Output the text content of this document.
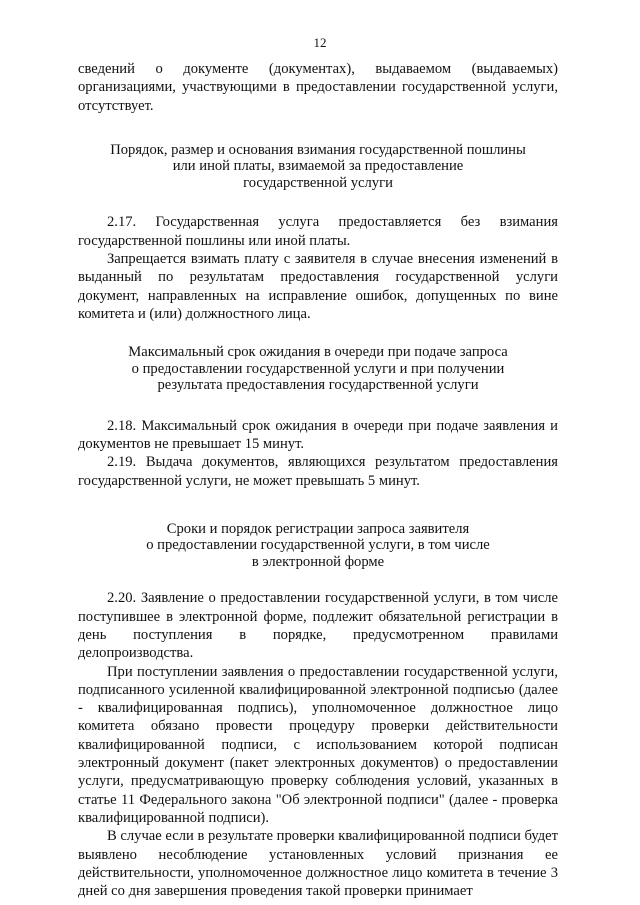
12

сведений о документе (документах), выдаваемом (выдаваемых) организациями, участвующими в предоставлении государственной услуги, отсутствует.

Порядок, размер и основания взимания государственной пошлины
или иной платы, взимаемой за предоставление
государственной услуги

2.17. Государственная услуга предоставляется без взимания государственной пошлины или иной платы.

Запрещается взимать плату с заявителя в случае внесения изменений в выданный по результатам предоставления государственной услуги документ, направленных на исправление ошибок, допущенных по вине комитета и (или) должностного лица.

Максимальный срок ожидания в очереди при подаче запроса
о предоставлении государственной услуги и при получении
результата предоставления государственной услуги

2.18. Максимальный срок ожидания в очереди при подаче заявления и документов не превышает 15 минут.

2.19. Выдача документов, являющихся результатом предоставления государственной услуги, не может превышать 5 минут.

Сроки и порядок регистрации запроса заявителя
о предоставлении государственной услуги, в том числе
в электронной форме

2.20. Заявление о предоставлении государственной услуги, в том числе поступившее в электронной форме, подлежит обязательной регистрации в день поступления в порядке, предусмотренном правилами делопроизводства.

При поступлении заявления о предоставлении государственной услуги, подписанного усиленной квалифицированной электронной подписью (далее - квалифицированная подпись), уполномоченное должностное лицо комитета обязано провести процедуру проверки действительности квалифицированной подписи, с использованием которой подписан электронный документ (пакет электронных документов) о предоставлении услуги, предусматривающую проверку соблюдения условий, указанных в статье 11 Федерального закона "Об электронной подписи" (далее - проверка квалифицированной подписи).

В случае если в результате проверки квалифицированной подписи будет выявлено несоблюдение установленных условий признания ее действительности, уполномоченное должностное лицо комитета в течение 3 дней со дня завершения проведения такой проверки принимает
